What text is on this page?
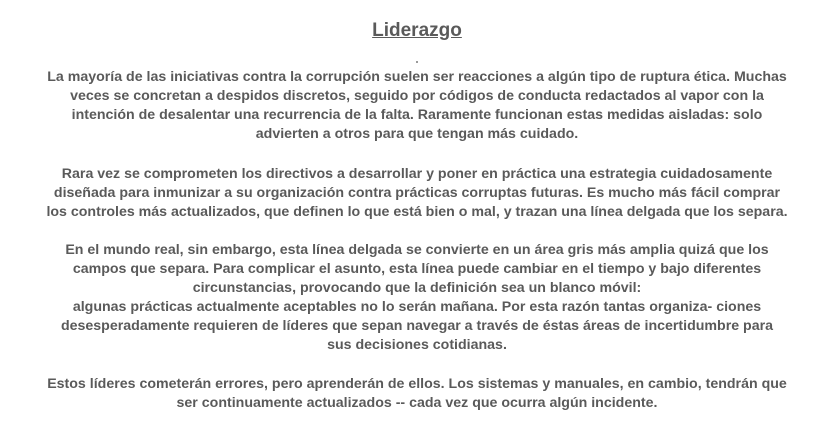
Liderazgo
La mayoría de las iniciativas contra la corrupción suelen ser reacciones a algún tipo de ruptura ética. Muchas
veces se concretan a despidos discretos, seguido por códigos de conducta redactados al vapor con la
intención de desalentar una recurrencia de la falta. Raramente funcionan estas medidas aisladas: solo
advierten a otros para que tengan más cuidado.
Rara vez se comprometen los directivos a desarrollar y poner en práctica una estrategia cuidadosamente
diseñada para inmunizar a su organización contra prácticas corruptas futuras. Es mucho más fácil comprar
los controles más actualizados, que definen lo que está bien o mal, y trazan una línea delgada que los separa.
En el mundo real, sin embargo, esta línea delgada se convierte en un área gris más amplia quizá que los
campos que separa. Para complicar el asunto, esta línea puede cambiar en el tiempo y bajo diferentes
circunstancias, provocando que la definición sea un blanco móvil:
algunas prácticas actualmente aceptables no lo serán mañana. Por esta razón tantas organiza- ciones
desesperadamente requieren de líderes que sepan navegar a través de éstas áreas de incertidumbre para
sus decisiones cotidianas.
Estos líderes cometerán errores, pero aprenderán de ellos. Los sistemas y manuales, en cambio, tendrán que
ser continuamente actualizados -- cada vez que ocurra algún incidente.
